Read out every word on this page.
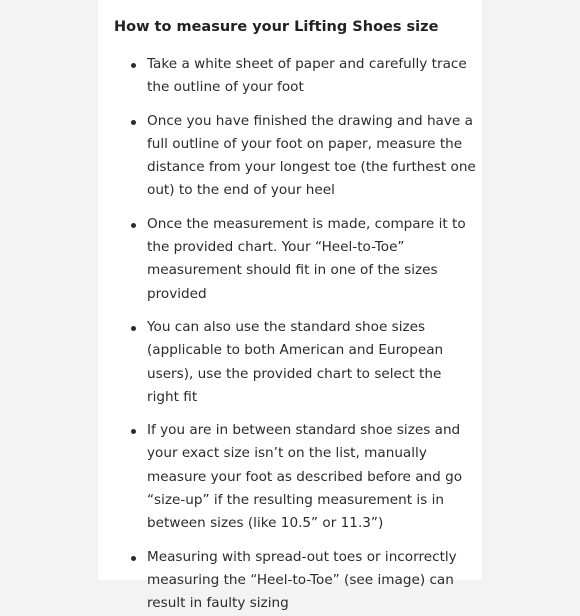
How to measure your Lifting Shoes size
Take a white sheet of paper and carefully trace the outline of your foot
Once you have finished the drawing and have a full outline of your foot on paper, measure the distance from your longest toe (the furthest one out) to the end of your heel
Once the measurement is made, compare it to the provided chart. Your “Heel-to-Toe” measurement should fit in one of the sizes provided
You can also use the standard shoe sizes (applicable to both American and European users), use the provided chart to select the right fit
If you are in between standard shoe sizes and your exact size isn’t on the list, manually measure your foot as described before and go “size-up” if the resulting measurement is in between sizes (like 10.5” or 11.3”)
Measuring with spread-out toes or incorrectly measuring the “Heel-to-Toe” (see image) can result in faulty sizing
